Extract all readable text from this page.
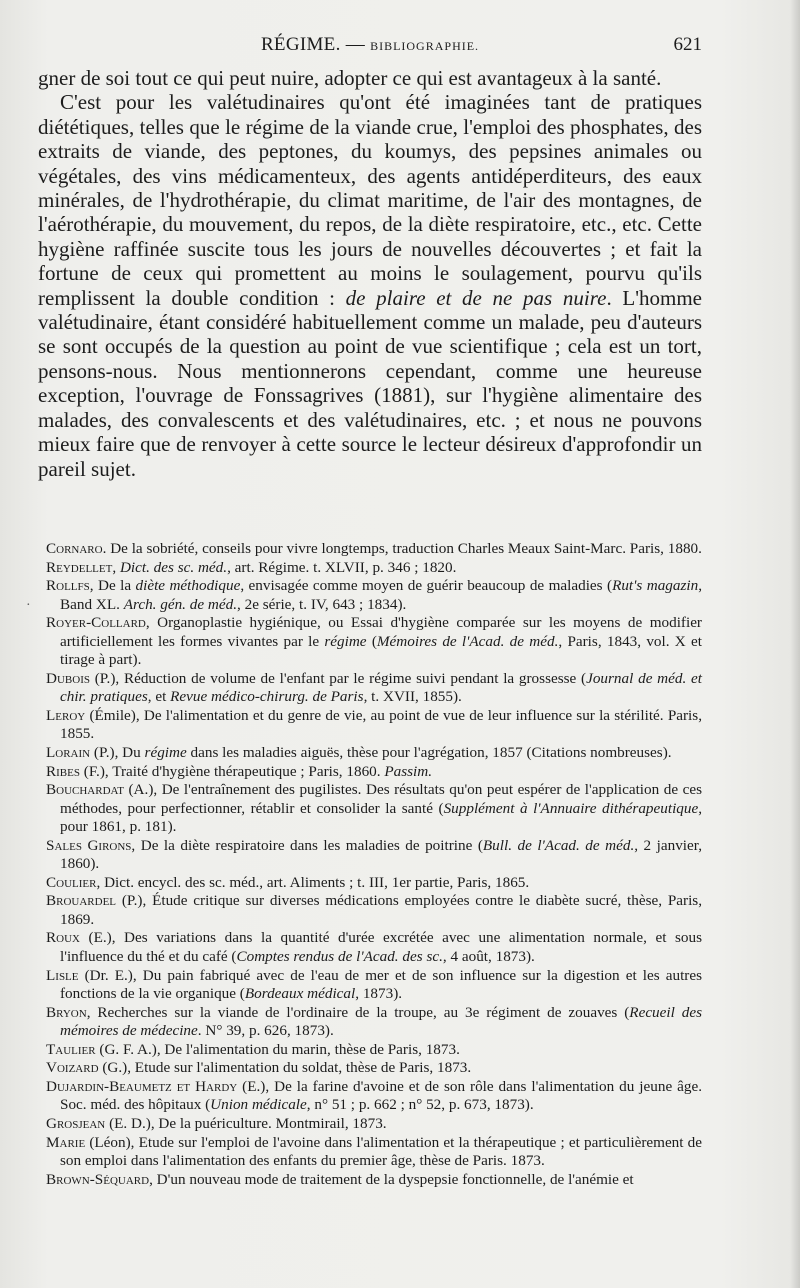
RÉGIME. — BIBLIOGRAPHIE.	621

gner de soi tout ce qui peut nuire, adopter ce qui est avantageux à la santé.

C'est pour les valétudinaires qu'ont été imaginées tant de pratiques diététiques, telles que le régime de la viande crue, l'emploi des phosphates, des extraits de viande, des peptones, du koumys, des pepsines animales ou végétales, des vins médicamenteux, des agents antidéperditeurs, des eaux minérales, de l'hydrothérapie, du climat maritime, de l'air des montagnes, de l'aérothérapie, du mouvement, du repos, de la diète respiratoire, etc., etc. Cette hygiène raffinée suscite tous les jours de nouvelles découvertes ; et fait la fortune de ceux qui promettent au moins le soulagement, pourvu qu'ils remplissent la double condition : de plaire et de ne pas nuire. L'homme valétudinaire, étant considéré habituellement comme un malade, peu d'auteurs se sont occupés de la question au point de vue scientifique ; cela est un tort, pensons-nous. Nous mentionnerons cependant, comme une heureuse exception, l'ouvrage de Fonssagrives (1881), sur l'hygiène alimentaire des malades, des convalescents et des valétudinaires, etc. ; et nous ne pouvons mieux faire que de renvoyer à cette source le lecteur désireux d'approfondir un pareil sujet.

·

Cornaro. De la sobriété, conseils pour vivre longtemps, traduction Charles Meaux Saint-Marc. Paris, 1880.

Reydellet, Dict. des sc. méd., art. Régime. t. XLVII, p. 346 ; 1820.

Rollfs, De la diète méthodique, envisagée comme moyen de guérir beaucoup de maladies (Rut's magazin, Band XL. Arch. gén. de méd., 2e série, t. IV, 643 ; 1834).

Royer-Collard, Organoplastie hygiénique, ou Essai d'hygiène comparée sur les moyens de modifier artificiellement les formes vivantes par le régime (Mémoires de l'Acad. de méd., Paris, 1843, vol. X et tirage à part).

Dubois (P.), Réduction de volume de l'enfant par le régime suivi pendant la grossesse (Journal de méd. et chir. pratiques, et Revue médico-chirurg. de Paris, t. XVII, 1855).

Leroy (Émile), De l'alimentation et du genre de vie, au point de vue de leur influence sur la stérilité. Paris, 1855.

Lorain (P.), Du régime dans les maladies aiguës, thèse pour l'agrégation, 1857 (Citations nombreuses).

Ribes (F.), Traité d'hygiène thérapeutique ; Paris, 1860. Passim.

Bouchardat (A.), De l'entraînement des pugilistes. Des résultats qu'on peut espérer de l'application de ces méthodes, pour perfectionner, rétablir et consolider la santé (Supplément à l'Annuaire dithérapeutique, pour 1861, p. 181).

Sales Girons, De la diète respiratoire dans les maladies de poitrine (Bull. de l'Acad. de méd., 2 janvier, 1860).

Coulier, Dict. encycl. des sc. méd., art. Aliments ; t. III, 1er partie, Paris, 1865.

Brouardel (P.), Étude critique sur diverses médications employées contre le diabète sucré, thèse, Paris, 1869.

Roux (E.), Des variations dans la quantité d'urée excrétée avec une alimentation normale, et sous l'influence du thé et du café (Comptes rendus de l'Acad. des sc., 4 août, 1873).

Lisle (Dr. E.), Du pain fabriqué avec de l'eau de mer et de son influence sur la digestion et les autres fonctions de la vie organique (Bordeaux médical, 1873).

Bryon, Recherches sur la viande de l'ordinaire de la troupe, au 3e régiment de zouaves (Recueil des mémoires de médecine. N° 39, p. 626, 1873).

Taulier (G. F. A.), De l'alimentation du marin, thèse de Paris, 1873.

Voizard (G.), Etude sur l'alimentation du soldat, thèse de Paris, 1873.

Dujardin-Beaumetz et Hardy (E.), De la farine d'avoine et de son rôle dans l'alimentation du jeune âge. Soc. méd. des hôpitaux (Union médicale, n° 51 ; p. 662 ; n° 52, p. 673, 1873).

Grosjean (E. D.), De la puériculture. Montmirail, 1873.

Marie (Léon), Etude sur l'emploi de l'avoine dans l'alimentation et la thérapeutique ; et particulièrement de son emploi dans l'alimentation des enfants du premier âge, thèse de Paris. 1873.

Brown-Séquard, D'un nouveau mode de traitement de la dyspepsie fonctionnelle, de l'anémie et
